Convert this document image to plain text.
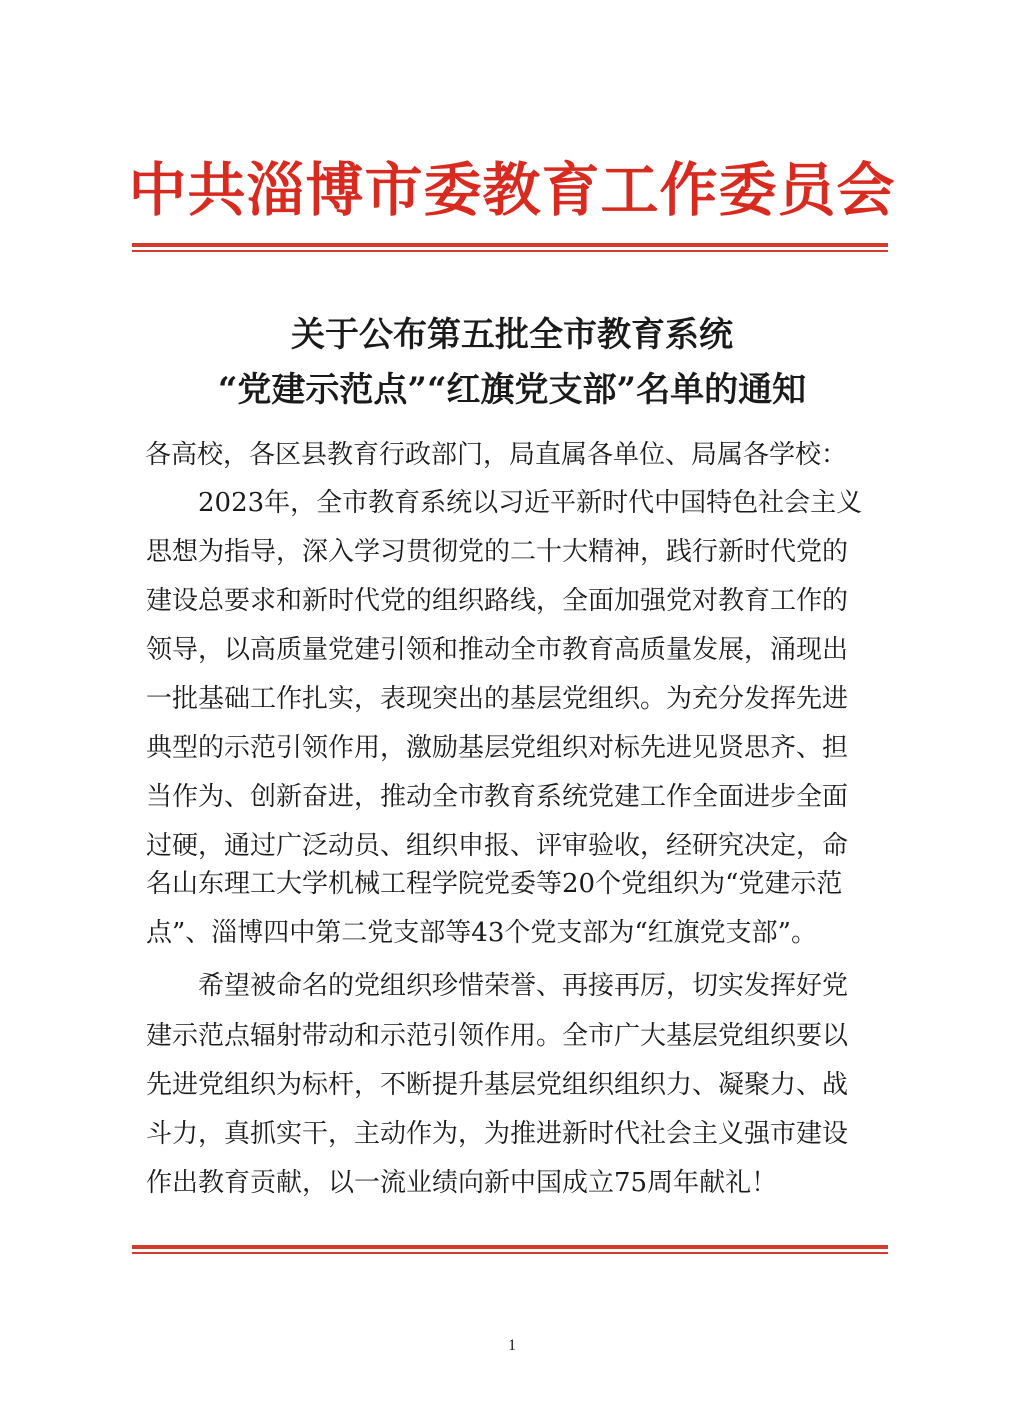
中共淄博市委教育工作委员会
关于公布第五批全市教育系统
“党建示范点”“红旗党支部”名单的通知
各高校，各区县教育行政部门，局直属各单位、局属各学校：
2023年，全市教育系统以习近平新时代中国特色社会主义
思想为指导，深入学习贯彻党的二十大精神，践行新时代党的
建设总要求和新时代党的组织路线，全面加强党对教育工作的
领导，以高质量党建引领和推动全市教育高质量发展，涌现出
一批基础工作扎实，表现突出的基层党组织。为充分发挥先进
典型的示范引领作用，激励基层党组织对标先进见贤思齐、担
当作为、创新奋进，推动全市教育系统党建工作全面进步全面
过硬，通过广泛动员、组织申报、评审验收，经研究决定，命
名山东理工大学机械工程学院党委等20个党组织为“党建示范
点”、淄博四中第二党支部等43个党支部为“红旗党支部”。
希望被命名的党组织珍惜荣誉、再接再厉，切实发挥好党
建示范点辐射带动和示范引领作用。全市广大基层党组织要以
先进党组织为标杆，不断提升基层党组织组织力、凝聚力、战
斗力，真抓实干，主动作为，为推进新时代社会主义强市建设
作出教育贡献，以一流业绩向新中国成立75周年献礼！
1
